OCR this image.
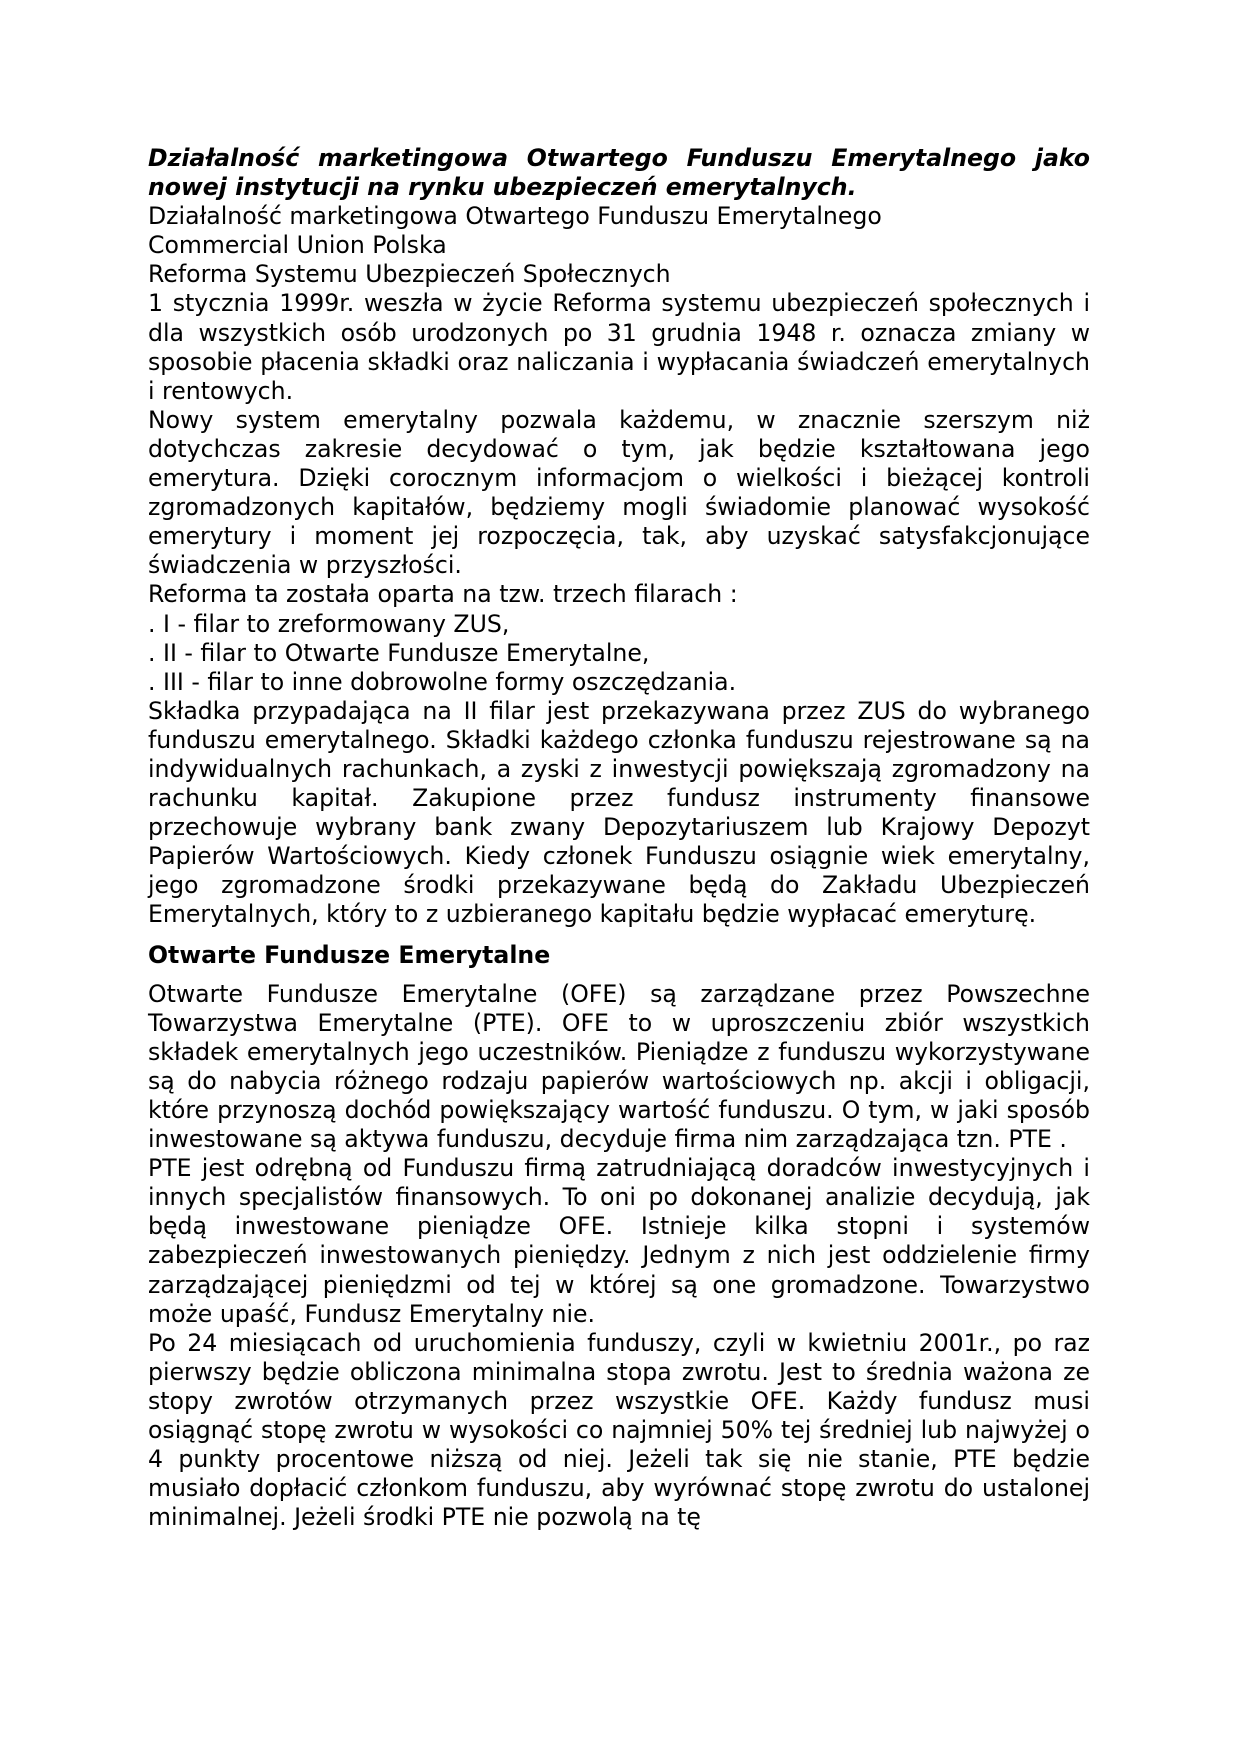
Działalność marketingowa Otwartego Funduszu Emerytalnego jako nowej instytucji na rynku ubezpieczeń emerytalnych.

Działalność marketingowa Otwartego Funduszu Emerytalnego

Commercial Union Polska

Reforma Systemu Ubezpieczeń Społecznych

1 stycznia 1999r. weszła w życie Reforma systemu ubezpieczeń społecznych i dla wszystkich osób urodzonych po 31 grudnia 1948 r. oznacza zmiany w sposobie płacenia składki oraz naliczania i wypłacania świadczeń emerytalnych i rentowych.

Nowy system emerytalny pozwala każdemu, w znacznie szerszym niż dotychczas zakresie decydować o tym, jak będzie kształtowana jego emerytura. Dzięki corocznym informacjom o wielkości i bieżącej kontroli zgromadzonych kapitałów, będziemy mogli świadomie planować wysokość emerytury i moment jej rozpoczęcia, tak, aby uzyskać satysfakcjonujące świadczenia w przyszłości.

Reforma ta została oparta na tzw. trzech filarach :

. I - filar to zreformowany ZUS,

. II - filar to Otwarte Fundusze Emerytalne,

. III - filar to inne dobrowolne formy oszczędzania.

Składka przypadająca na II filar jest przekazywana przez ZUS do wybranego funduszu emerytalnego. Składki każdego członka funduszu rejestrowane są na indywidualnych rachunkach, a zyski z inwestycji powiększają zgromadzony na rachunku kapitał. Zakupione przez fundusz instrumenty finansowe przechowuje wybrany bank zwany Depozytariuszem lub Krajowy Depozyt Papierów Wartościowych. Kiedy członek Funduszu osiągnie wiek emerytalny, jego zgromadzone środki przekazywane będą do Zakładu Ubezpieczeń Emerytalnych, który to z uzbieranego kapitału będzie wypłacać emeryturę.

Otwarte Fundusze Emerytalne

Otwarte Fundusze Emerytalne (OFE) są zarządzane przez Powszechne Towarzystwa Emerytalne (PTE). OFE to w uproszczeniu zbiór wszystkich składek emerytalnych jego uczestników. Pieniądze z funduszu wykorzystywane są do nabycia różnego rodzaju papierów wartościowych np. akcji i obligacji, które przynoszą dochód powiększający wartość funduszu. O tym, w jaki sposób inwestowane są aktywa funduszu, decyduje firma nim zarządzająca tzn. PTE .

PTE jest odrębną od Funduszu firmą zatrudniającą doradców inwestycyjnych i innych specjalistów finansowych. To oni po dokonanej analizie decydują, jak będą inwestowane pieniądze OFE. Istnieje kilka stopni i systemów zabezpieczeń inwestowanych pieniędzy. Jednym z nich jest oddzielenie firmy zarządzającej pieniędzmi od tej w której są one gromadzone. Towarzystwo może upaść, Fundusz Emerytalny nie.

Po 24 miesiącach od uruchomienia funduszy, czyli w kwietniu 2001r., po raz pierwszy będzie obliczona minimalna stopa zwrotu. Jest to średnia ważona ze stopy zwrotów otrzymanych przez wszystkie OFE. Każdy fundusz musi osiągnąć stopę zwrotu w wysokości co najmniej 50% tej średniej lub najwyżej o 4 punkty procentowe niższą od niej. Jeżeli tak się nie stanie, PTE będzie musiało dopłacić członkom funduszu, aby wyrównać stopę zwrotu do ustalonej minimalnej. Jeżeli środki PTE nie pozwolą na tę
